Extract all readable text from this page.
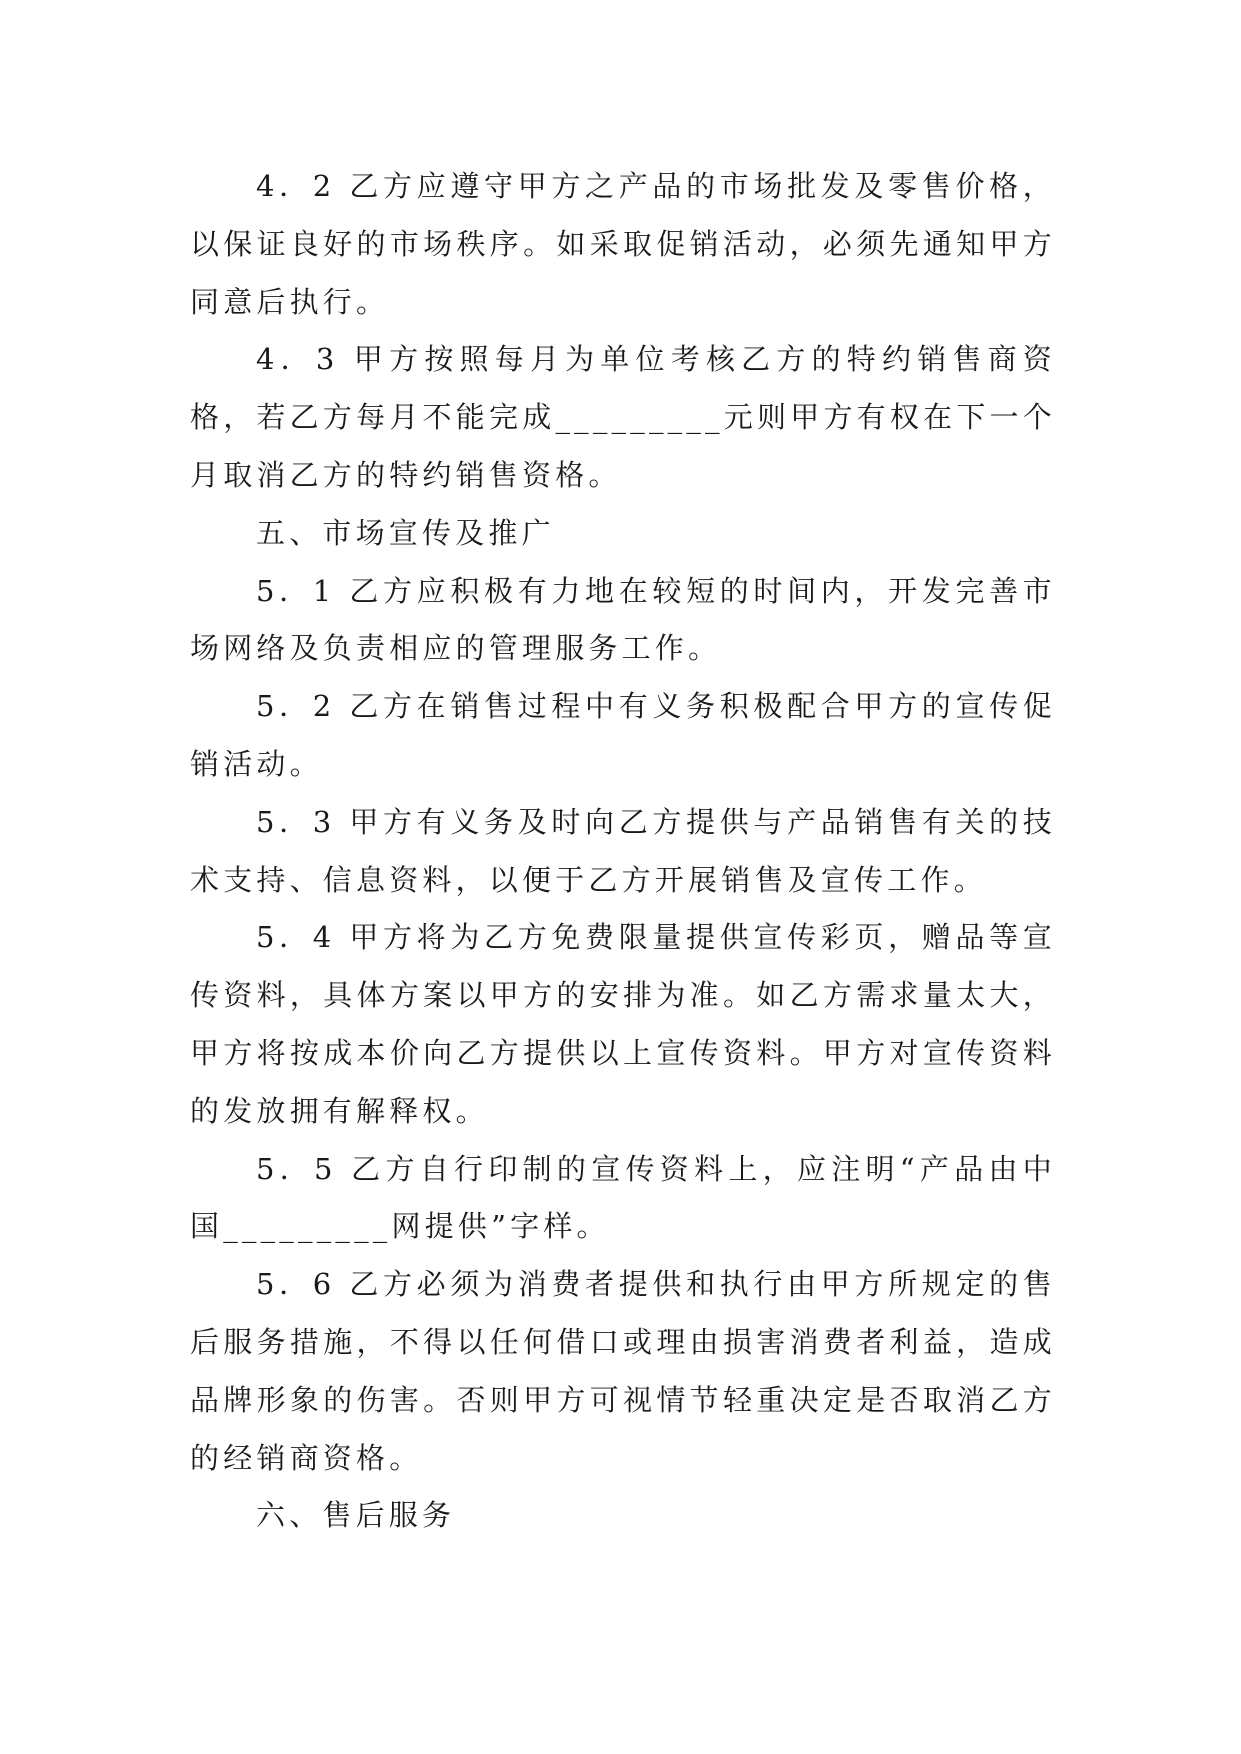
4．2 乙方应遵守甲方之产品的市场批发及零售价格，以保证良好的市场秩序。如采取促销活动，必须先通知甲方同意后执行。

4．3 甲方按照每月为单位考核乙方的特约销售商资格，若乙方每月不能完成_________元则甲方有权在下一个月取消乙方的特约销售资格。

五、市场宣传及推广

5．1 乙方应积极有力地在较短的时间内，开发完善市场网络及负责相应的管理服务工作。

5．2 乙方在销售过程中有义务积极配合甲方的宣传促销活动。

5．3 甲方有义务及时向乙方提供与产品销售有关的技术支持、信息资料，以便于乙方开展销售及宣传工作。

5．4 甲方将为乙方免费限量提供宣传彩页，赠品等宣传资料，具体方案以甲方的安排为准。如乙方需求量太大，甲方将按成本价向乙方提供以上宣传资料。甲方对宣传资料的发放拥有解释权。

5．5 乙方自行印制的宣传资料上，应注明“产品由中国_________网提供”字样。

5．6 乙方必须为消费者提供和执行由甲方所规定的售后服务措施，不得以任何借口或理由损害消费者利益，造成品牌形象的伤害。否则甲方可视情节轻重决定是否取消乙方的经销商资格。

六、售后服务
